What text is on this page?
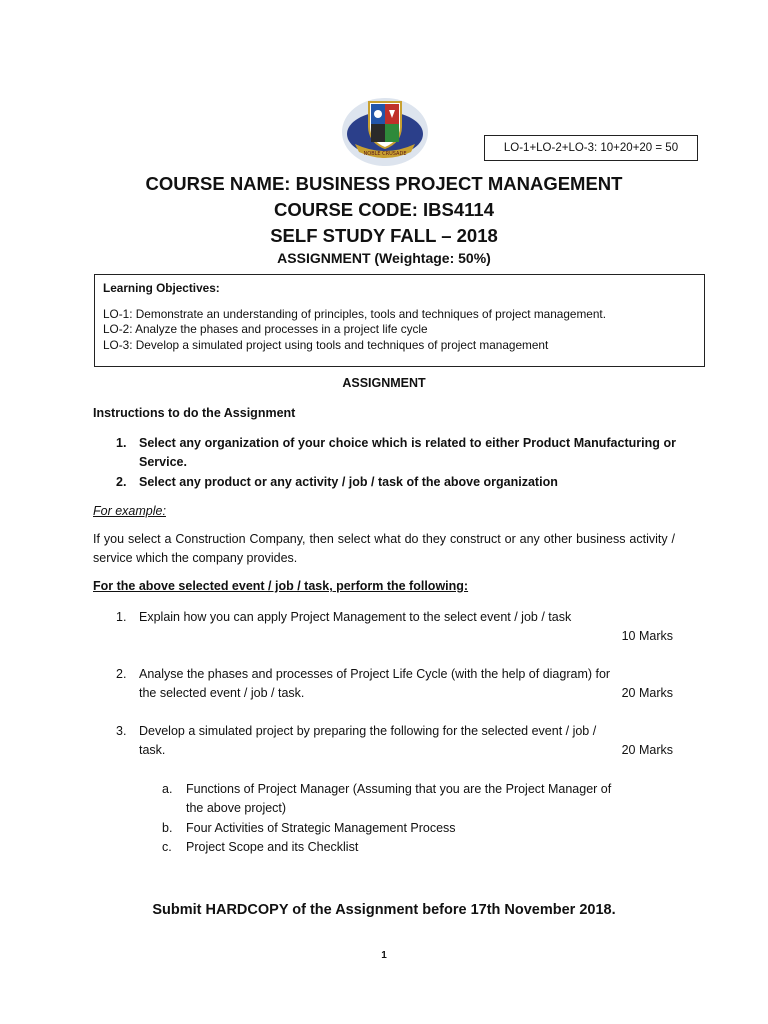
NOBLE CRUSADE	LO-1+LO-2+LO-3: 10+20+20 = 50
COURSE NAME: BUSINESS PROJECT MANAGEMENT
COURSE CODE: IBS4114
SELF STUDY FALL – 2018
ASSIGNMENT (Weightage: 50%)
Learning Objectives:
LO-1: Demonstrate an understanding of principles, tools and techniques of project management.
LO-2: Analyze the phases and processes in a project life cycle
LO-3: Develop a simulated project using tools and techniques of project management
ASSIGNMENT
Instructions to do the Assignment
1. Select any organization of your choice which is related to either Product Manufacturing or Service.
2. Select any product or any activity / job / task of the above organization
For example:
If you select a Construction Company, then select what do they construct or any other business activity / service which the company provides.
For the above selected event / job / task, perform the following:
1. Explain how you can apply Project Management to the select event / job / task
10 Marks
2. Analyse the phases and processes of Project Life Cycle (with the help of diagram) for
the selected event / job / task.	20 Marks
3. Develop a simulated project by preparing the following for the selected event / job /
task.	20 Marks
a. Functions of Project Manager (Assuming that you are the Project Manager of
the above project)
b. Four Activities of Strategic Management Process
c. Project Scope and its Checklist
Submit HARDCOPY of the Assignment before 17th November 2018.
1
